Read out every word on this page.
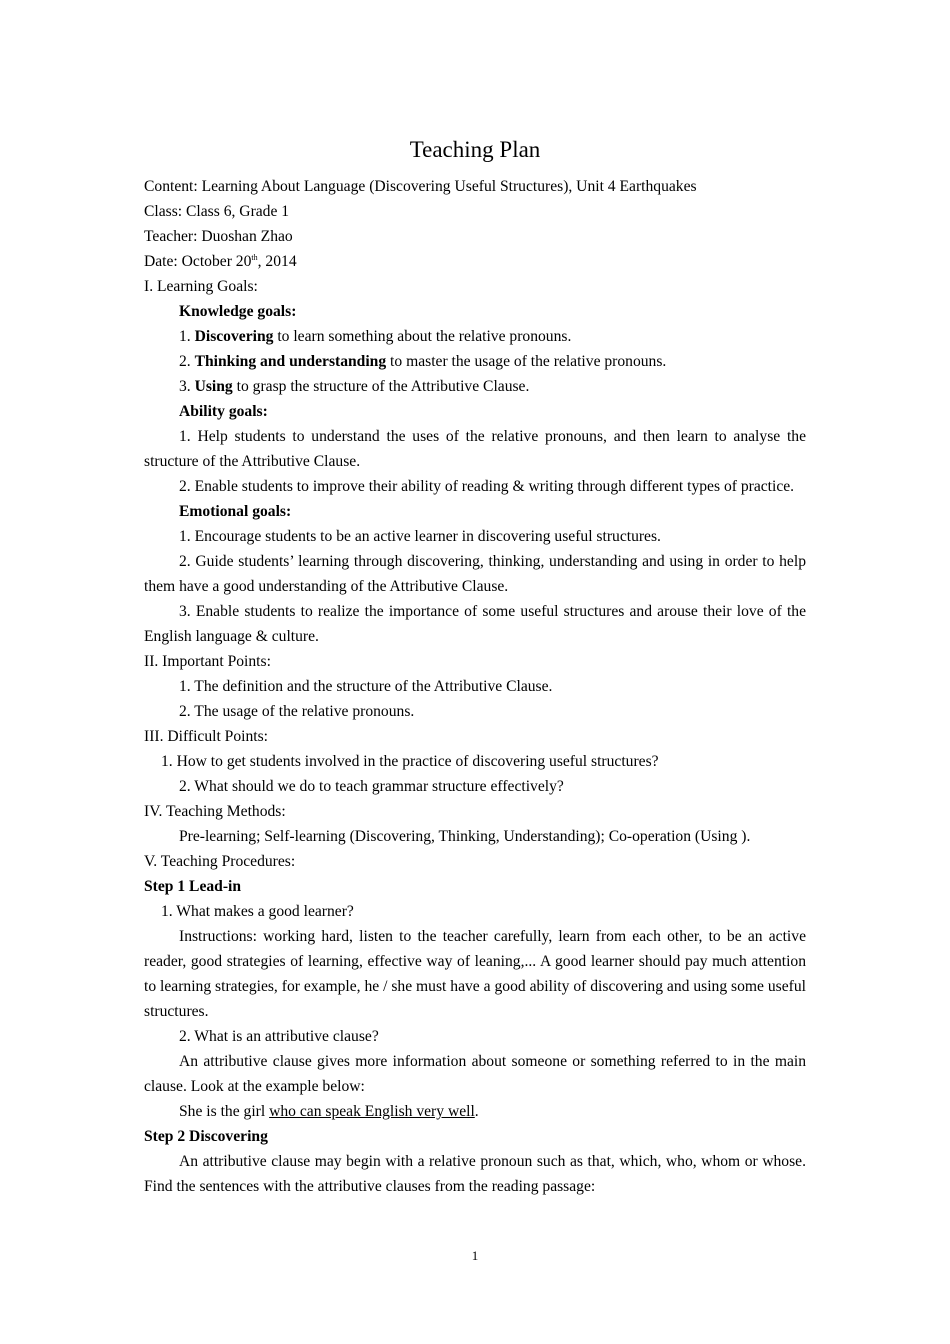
Teaching Plan

Content: Learning About Language (Discovering Useful Structures), Unit 4 Earthquakes

Class: Class 6, Grade 1

Teacher: Duoshan Zhao

Date: October 20th, 2014

I. Learning Goals:

Knowledge goals:

1. Discovering to learn something about the relative pronouns.

2. Thinking and understanding to master the usage of the relative pronouns.

3. Using to grasp the structure of the Attributive Clause.

Ability goals:

1. Help students to understand the uses of the relative pronouns, and then learn to analyse the structure of the Attributive Clause.

2. Enable students to improve their ability of reading & writing through different types of practice.

Emotional goals:

1. Encourage students to be an active learner in discovering useful structures.

2. Guide students’ learning through discovering, thinking, understanding and using in order to help them have a good understanding of the Attributive Clause.

3. Enable students to realize the importance of some useful structures and arouse their love of the English language & culture.

II. Important Points:

1. The definition and the structure of the Attributive Clause.

2. The usage of the relative pronouns.

III. Difficult Points:

1. How to get students involved in the practice of discovering useful structures?

2. What should we do to teach grammar structure effectively?

IV. Teaching Methods:

Pre-learning; Self-learning (Discovering, Thinking, Understanding); Co-operation (Using ).

V. Teaching Procedures:

Step 1 Lead-in

1. What makes a good learner?

Instructions: working hard, listen to the teacher carefully, learn from each other, to be an active reader, good strategies of learning, effective way of leaning,... A good learner should pay much attention to learning strategies, for example, he / she must have a good ability of discovering and using some useful structures.

2. What is an attributive clause?

An attributive clause gives more information about someone or something referred to in the main clause. Look at the example below:

She is the girl who can speak English very well.

Step 2 Discovering

An attributive clause may begin with a relative pronoun such as that, which, who, whom or whose. Find the sentences with the attributive clauses from the reading passage:

1
